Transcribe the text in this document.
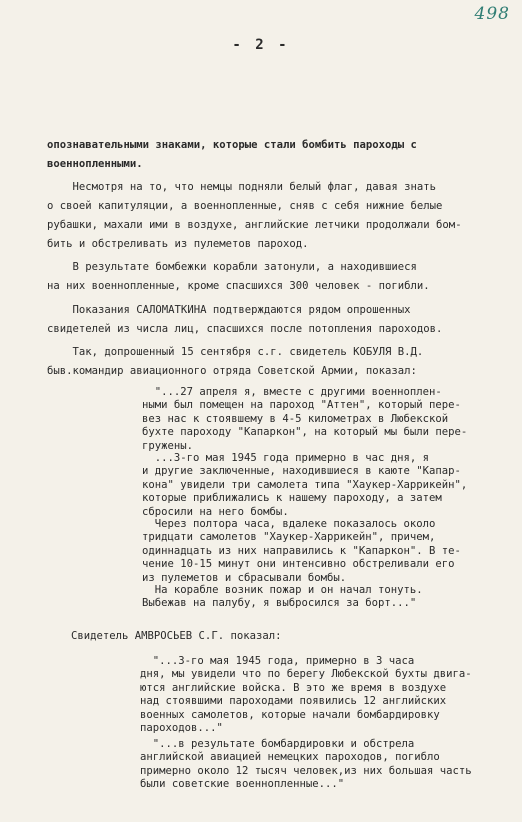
498
- 2 -
опознавательными знаками, которые стали бомбить пароходы с
военнопленными.
Несмотря на то, что немцы подняли белый флаг, давая знать
о своей капитуляции, а военнопленные, сняв с себя нижние белые
рубашки, махали ими в воздухе, английские летчики продолжали бом-
бить и обстреливать из пулеметов пароход.
В результате бомбежки корабли затонули, а находившиеся
на них военнопленные, кроме спасшихся 300 человек - погибли.
Показания САЛОМАТКИНА подтверждаются рядом опрошенных
свидетелей из числа лиц, спасшихся после потопления пароходов.
Так, допрошенный 15 сентября с.г. свидетель КОБУЛЯ В.Д.
быв.командир авиационного отряда Советской Армии, показал:
"...27 апреля я, вместе с другими военноплен-
ными был помещен на пароход "Аттен", который пере-
вез нас к стоявшему в 4-5 километрах в Любекской
бухте пароходу "Капаркон", на который мы были пере-
гружены.
...3-го мая 1945 года примерно в час дня, я
и другие заключенные, находившиеся в каюте "Капар-
кона" увидели три самолета типа "Хаукер-Харрикейн",
которые приближались к нашему пароходу, а затем
сбросили на него бомбы.
Через полтора часа, вдалеке показалось около
тридцати самолетов "Хаукер-Харрикейн", причем,
одиннадцать из них направились к "Капаркон". В те-
чение 10-15 минут они интенсивно обстреливали его
из пулеметов и сбрасывали бомбы.
На корабле возник пожар и он начал тонуть.
Выбежав на палубу, я выбросился за борт..."
Свидетель АМВРОСЬЕВ С.Г. показал:
"...3-го мая 1945 года, примерно в 3 часа
дня, мы увидели что по берегу Любекской бухты двига-
ются английские войска. В это же время в воздухе
над стоявшими пароходами появились 12 английских
военных самолетов, которые начали бомбардировку
пароходов..."
"...в результате бомбардировки и обстрела
английской авиацией немецких пароходов, погибло
примерно около 12 тысяч человек,из них большая часть
были советские военнопленные..."
